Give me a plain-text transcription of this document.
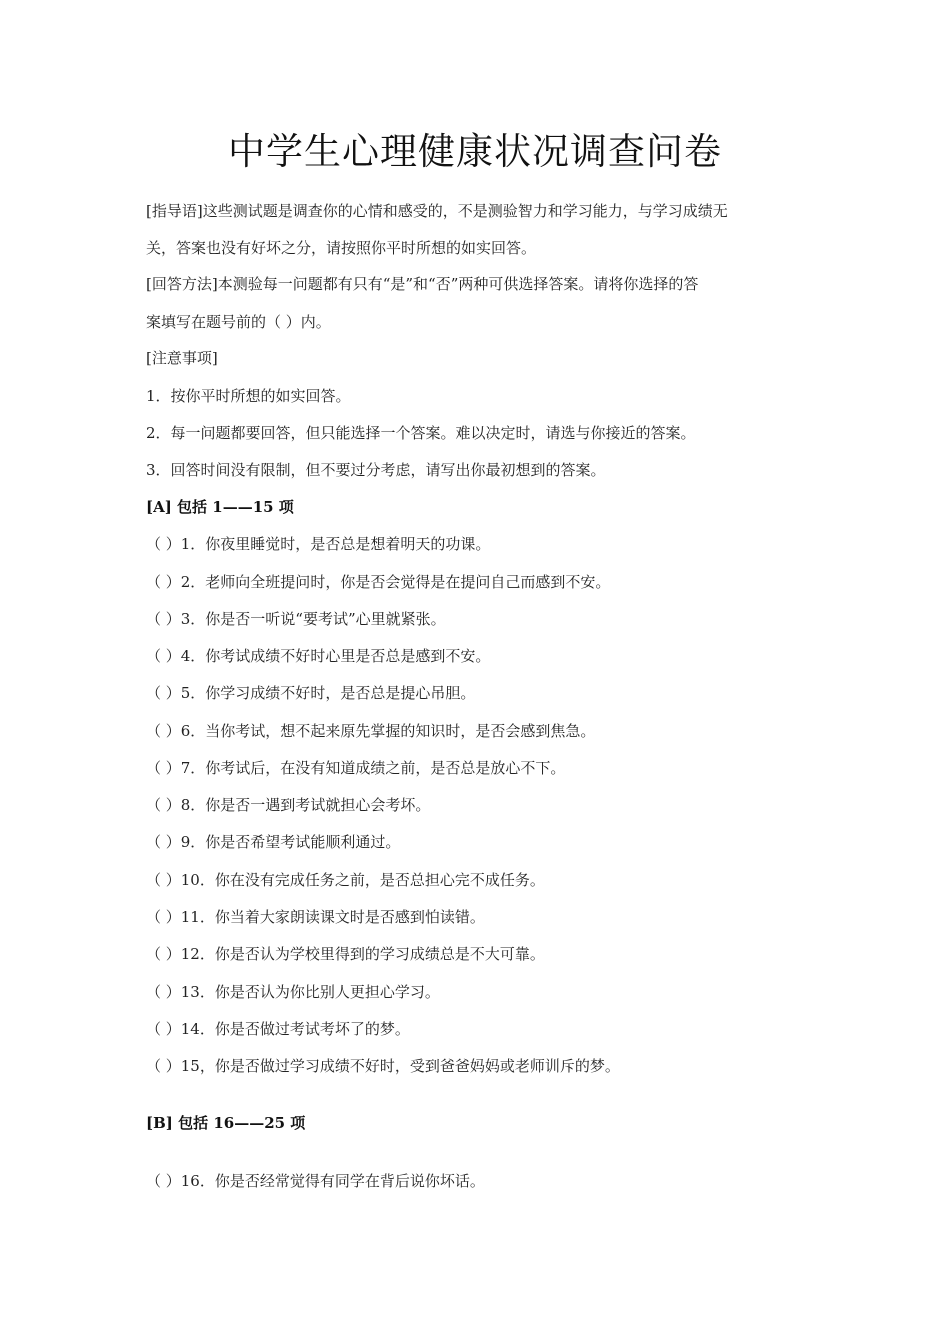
中学生心理健康状况调查问卷
[指导语]这些测试题是调查你的心情和感受的，不是测验智力和学习能力，与学习成绩无
关，答案也没有好坏之分，请按照你平时所想的如实回答。
[回答方法]本测验每一问题都有只有“是”和“否”两种可供选择答案。请将你选择的答
案填写在题号前的（ ）内。
[注意事项]
1．按你平时所想的如实回答。
2．每一问题都要回答，但只能选择一个答案。难以决定时，请选与你接近的答案。
3．回答时间没有限制，但不要过分考虑，请写出你最初想到的答案。
[A] 包括 1——15 项
（ ）1．你夜里睡觉时，是否总是想着明天的功课。
（ ）2．老师向全班提问时，你是否会觉得是在提问自己而感到不安。
（ ）3．你是否一听说“要考试”心里就紧张。
（ ）4．你考试成绩不好时心里是否总是感到不安。
（ ）5．你学习成绩不好时，是否总是提心吊胆。
（ ）6．当你考试，想不起来原先掌握的知识时，是否会感到焦急。
（ ）7．你考试后，在没有知道成绩之前，是否总是放心不下。
（ ）8．你是否一遇到考试就担心会考坏。
（ ）9．你是否希望考试能顺利通过。
（ ）10．你在没有完成任务之前，是否总担心完不成任务。
（ ）11．你当着大家朗读课文时是否感到怕读错。
（ ）12．你是否认为学校里得到的学习成绩总是不大可靠。
（ ）13．你是否认为你比别人更担心学习。
（ ）14．你是否做过考试考坏了的梦。
（ ）15，你是否做过学习成绩不好时，受到爸爸妈妈或老师训斥的梦。
[B] 包括 16——25 项
（ ）16．你是否经常觉得有同学在背后说你坏话。
